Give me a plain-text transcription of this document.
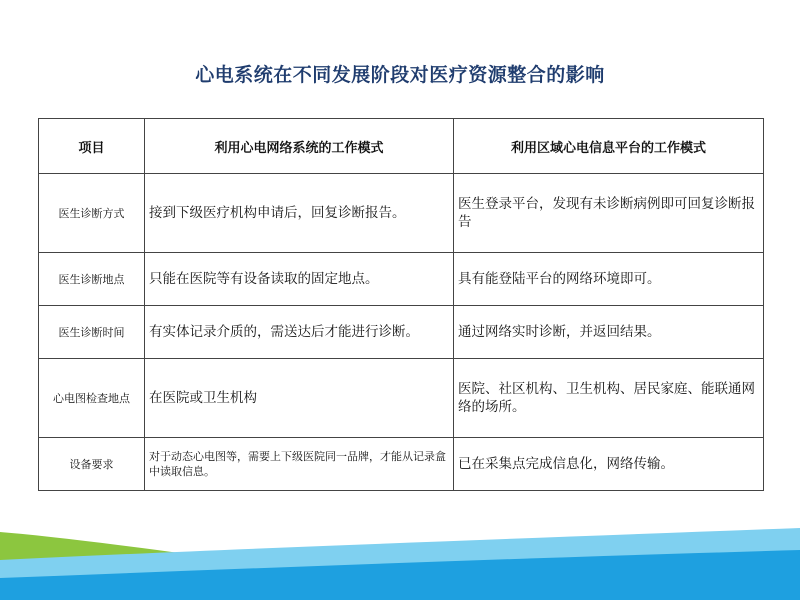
心电系统在不同发展阶段对医疗资源整合的影响
项目	利用心电网络系统的工作模式	利用区域心电信息平台的工作模式
医生诊断方式	接到下级医疗机构申请后，回复诊断报告。	医生登录平台，发现有未诊断病例即可回复诊断报告
医生诊断地点	只能在医院等有设备读取的固定地点。	具有能登陆平台的网络环境即可。
医生诊断时间	有实体记录介质的，需送达后才能进行诊断。	通过网络实时诊断，并返回结果。
心电图检查地点	在医院或卫生机构	医院、社区机构、卫生机构、居民家庭、能联通网络的场所。
设备要求	对于动态心电图等，需要上下级医院同一品牌，才能从记录盒中读取信息。	已在采集点完成信息化，网络传输。
